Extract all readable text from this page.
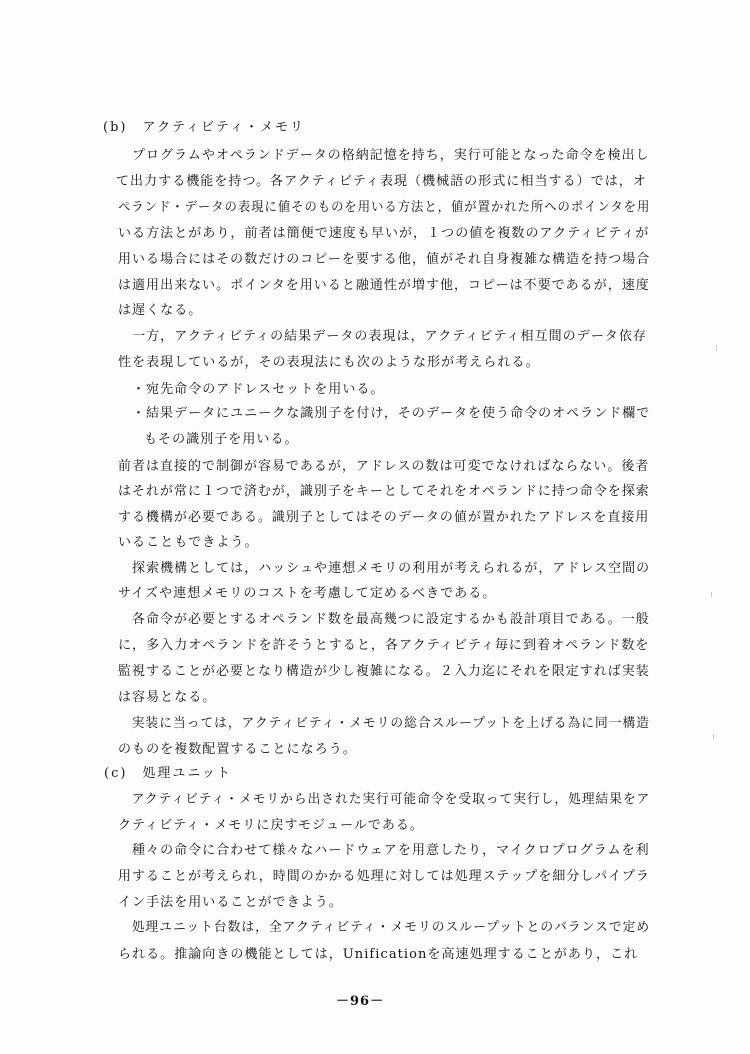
(b)　アクティビティ・メモリ
　プログラムやオペランドデータの格納記憶を持ち，実行可能となった命令を検出し
て出力する機能を持つ。各アクティビティ表現（機械語の形式に相当する）では，オ
ペランド・データの表現に値そのものを用いる方法と，値が置かれた所へのポインタを用
いる方法とがあり，前者は簡便で速度も早いが，１つの値を複数のアクティビティが
用いる場合にはその数だけのコピーを要する他，値がそれ自身複雑な構造を持つ場合
は適用出来ない。ポインタを用いると融通性が増す他，コピーは不要であるが，速度
は遅くなる。
　一方，アクティビティの結果データの表現は，アクティビティ相互間のデータ依存
性を表現しているが，その表現法にも次のような形が考えられる。
・宛先命令のアドレスセットを用いる。
・結果データにユニークな識別子を付け，そのデータを使う命令のオペランド欄で
もその識別子を用いる。
前者は直接的で制御が容易であるが，アドレスの数は可変でなければならない。後者
はそれが常に１つで済むが，識別子をキーとしてそれをオペランドに持つ命令を探索
する機構が必要である。識別子としてはそのデータの値が置かれたアドレスを直接用
いることもできよう。
　探索機構としては，ハッシュや連想メモリの利用が考えられるが，アドレス空間の
サイズや連想メモリのコストを考慮して定めるべきである。
　各命令が必要とするオペランド数を最高幾つに設定するかも設計項目である。一般
に，多入力オペランドを許そうとすると，各アクティビティ毎に到着オペランド数を
監視することが必要となり構造が少し複雑になる。２入力迄にそれを限定すれば実装
は容易となる。
　実装に当っては，アクティビティ・メモリの総合スループットを上げる為に同一構造
のものを複数配置することになろう。
(c)　処理ユニット
　アクティビティ・メモリから出された実行可能命令を受取って実行し，処理結果をア
クティビティ・メモリに戻すモジュールである。
　種々の命令に合わせて様々なハードウェアを用意したり，マイクロプログラムを利
用することが考えられ，時間のかかる処理に対しては処理ステップを細分しパイプラ
イン手法を用いることができよう。
　処理ユニット台数は，全アクティビティ・メモリのスループットとのバランスで定め
られる。推論向きの機能としては，Unificationを高速処理することがあり，これ
－96－
